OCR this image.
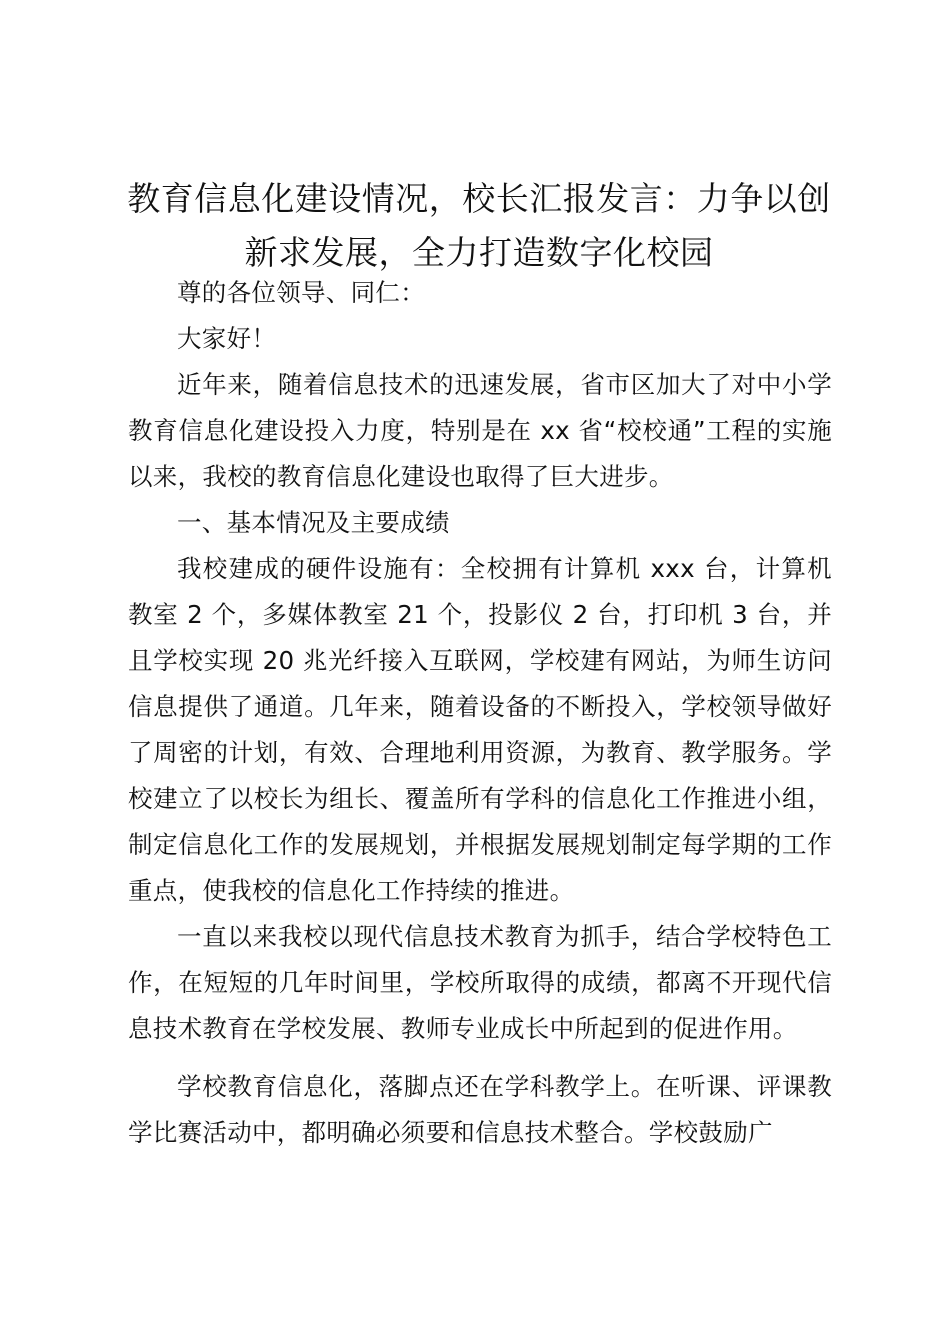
教育信息化建设情况，校长汇报发言：力争以创新求发展，全力打造数字化校园

尊的各位领导、同仁：

大家好！

近年来，随着信息技术的迅速发展，省市区加大了对中小学教育信息化建设投入力度，特别是在 xx 省“校校通”工程的实施以来，我校的教育信息化建设也取得了巨大进步。

一、基本情况及主要成绩

我校建成的硬件设施有：全校拥有计算机 xxx 台，计算机教室 2 个，多媒体教室 21 个，投影仪 2 台，打印机 3 台，并且学校实现 20 兆光纤接入互联网，学校建有网站，为师生访问信息提供了通道。几年来，随着设备的不断投入，学校领导做好了周密的计划，有效、合理地利用资源，为教育、教学服务。学校建立了以校长为组长、覆盖所有学科的信息化工作推进小组，制定信息化工作的发展规划，并根据发展规划制定每学期的工作重点，使我校的信息化工作持续的推进。

一直以来我校以现代信息技术教育为抓手，结合学校特色工作，在短短的几年时间里，学校所取得的成绩，都离不开现代信息技术教育在学校发展、教师专业成长中所起到的促进作用。

学校教育信息化，落脚点还在学科教学上。在听课、评课教学比赛活动中，都明确必须要和信息技术整合。学校鼓励广
